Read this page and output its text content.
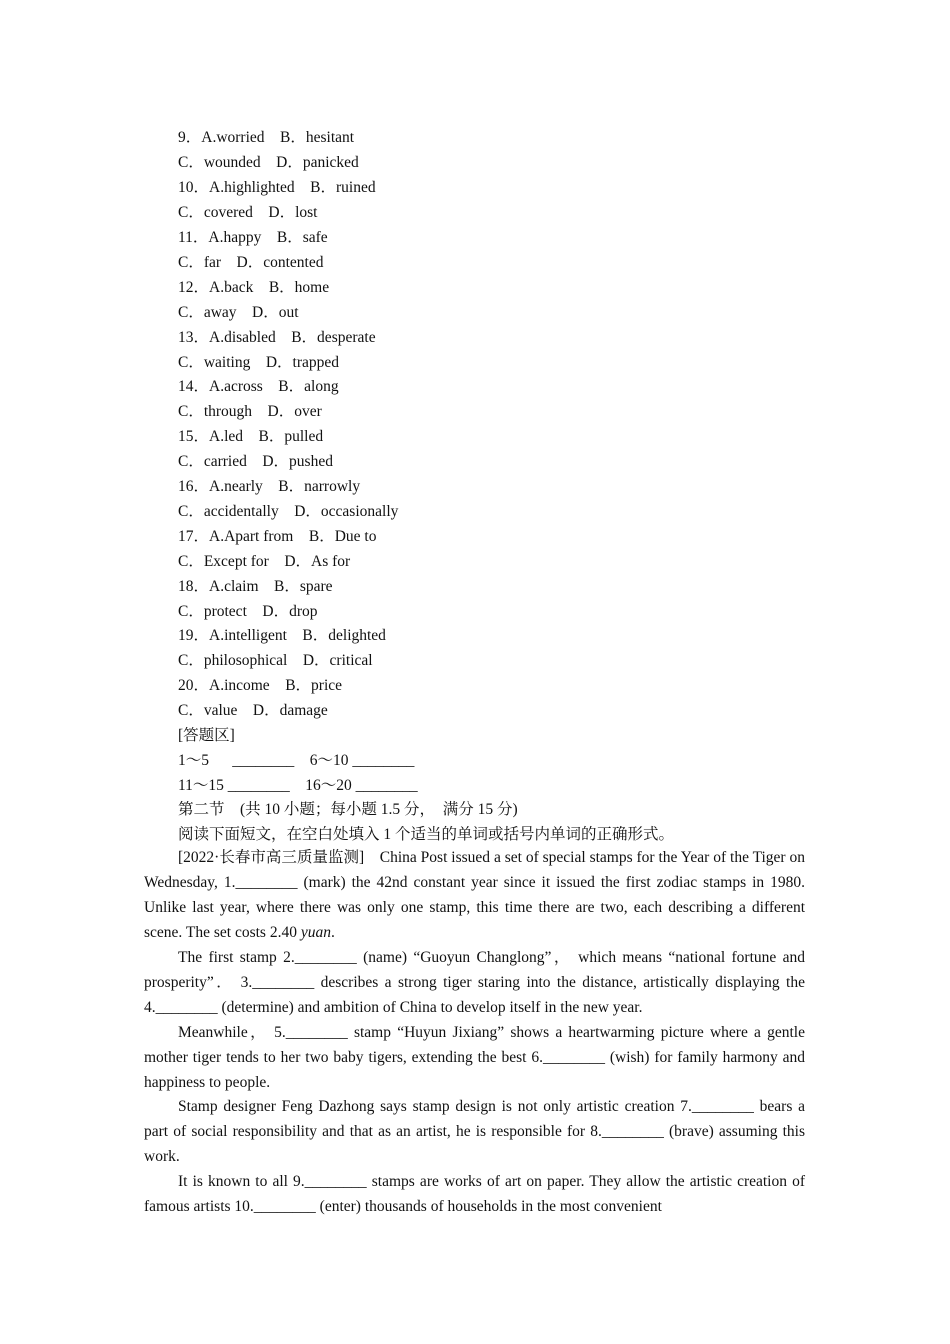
9．A.worried　B．hesitant
C．wounded　D．panicked
10．A.highlighted　B．ruined
C．covered　D．lost
11．A.happy　B．safe
C．far　D．contented
12．A.back　B．home
C．away　D．out
13．A.disabled　B．desperate
C．waiting　D．trapped
14．A.across　B．along
C．through　D．over
15．A.led　B．pulled
C．carried　D．pushed
16．A.nearly　B．narrowly
C．accidentally　D．occasionally
17．A.Apart from　B．Due to
C．Except for　D．As for
18．A.claim　B．spare
C．protect　D．drop
19．A.intelligent　B．delighted
C．philosophical　D．critical
20．A.income　B．price
C．value　D．damage
[答题区]
1～5　  ________　6～10 ________
11～15 ________　16～20 ________
第二节　(共 10 小题；每小题 1.5 分，　满分 15 分)
阅读下面短文，在空白处填入 1 个适当的单词或括号内单词的正确形式。
[2022·长春市高三质量监测]　China Post issued a set of special stamps for the Year of the Tiger on Wednesday, 1.________ (mark) the 42nd constant year since it issued the first zodiac stamps in 1980. Unlike last year, where there was only one stamp, this time there are two, each describing a different scene. The set costs 2.40 yuan.
The first stamp 2.________ (name) “Guoyun Changlong”， which means “national fortune and prosperity”． 3.________ describes a strong tiger staring into the distance, artistically displaying the 4.________ (determine) and ambition of China to develop itself in the new year.
Meanwhile， 5.________ stamp “Huyun Jixiang” shows a heartwarming picture where a gentle mother tiger tends to her two baby tigers, extending the best 6.________ (wish) for family harmony and happiness to people.
Stamp designer Feng Dazhong says stamp design is not only artistic creation 7.________ bears a part of social responsibility and that as an artist, he is responsible for 8.________ (brave) assuming this work.
It is known to all 9.________ stamps are works of art on paper. They allow the artistic creation of famous artists 10.________ (enter) thousands of households in the most convenient
